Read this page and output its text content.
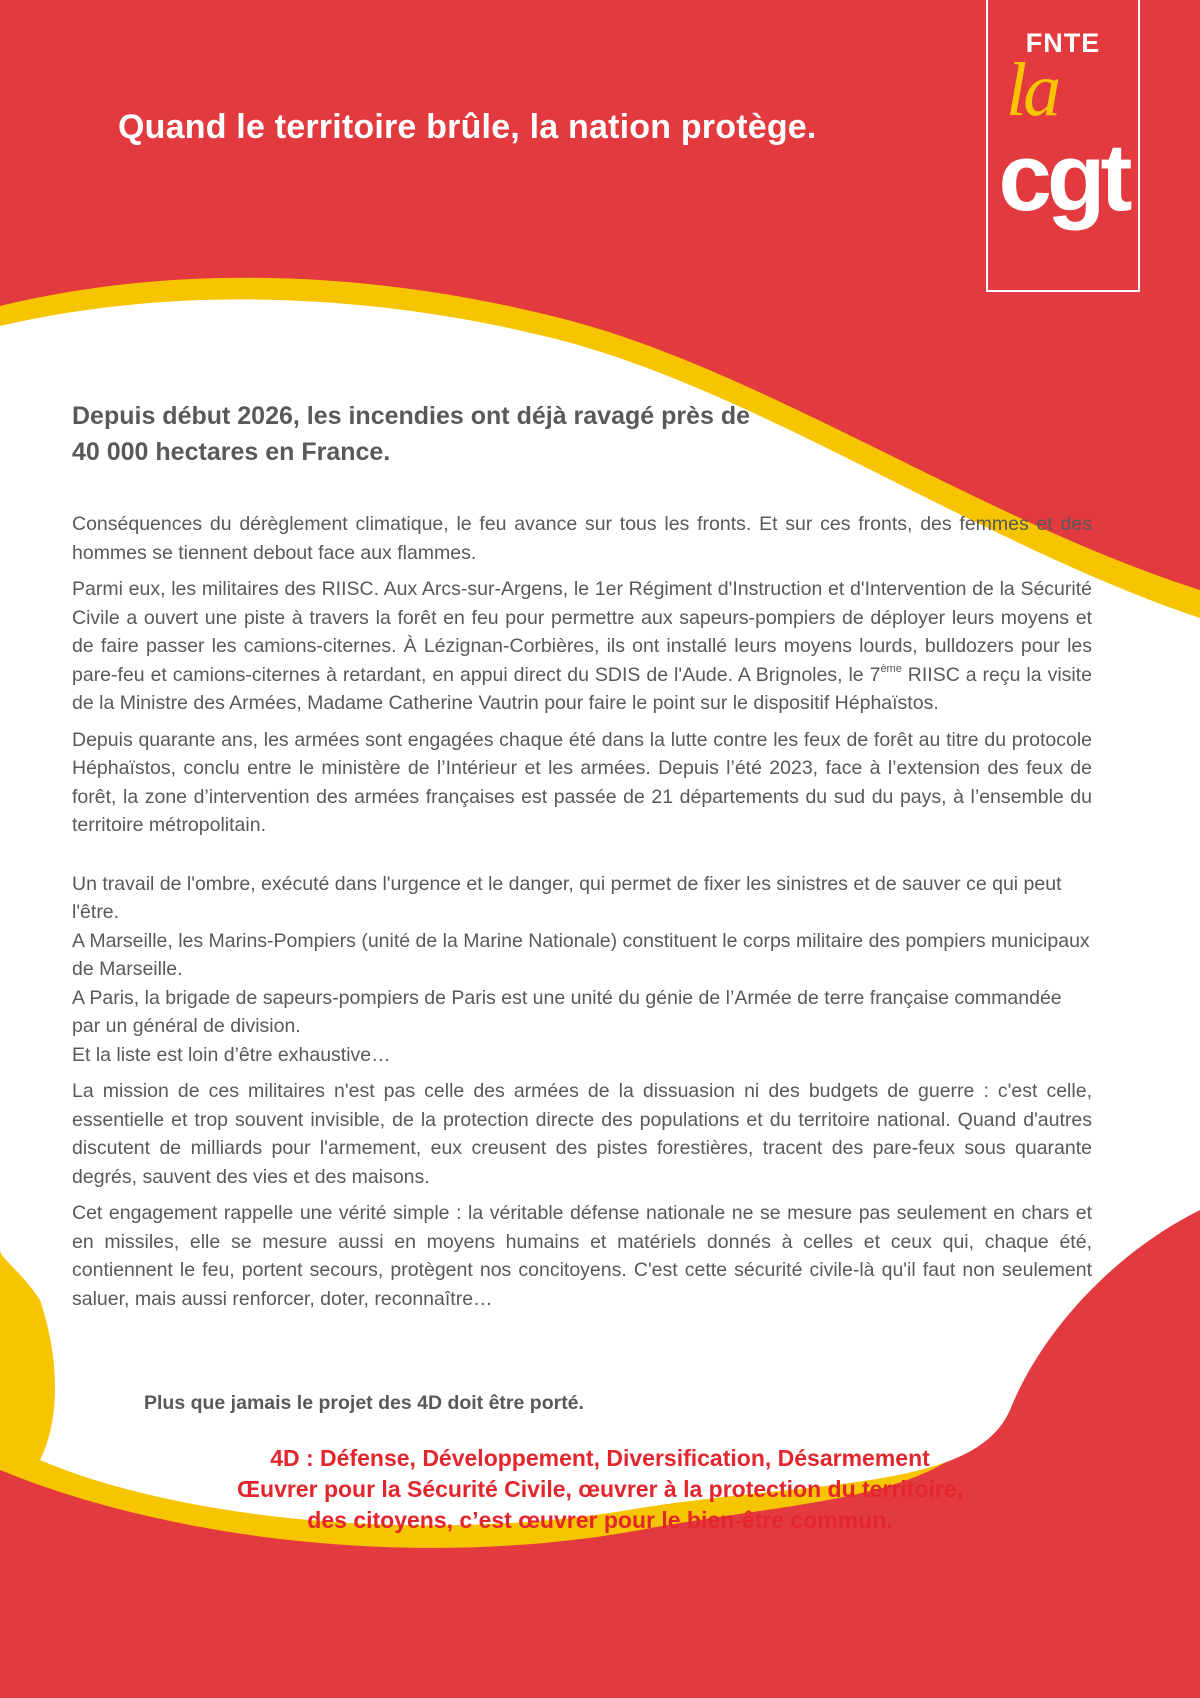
Quand le territoire brûle, la nation protège.
FNTE
la
cgt
Depuis début 2026, les incendies ont déjà ravagé près de
40 000 hectares en France.

Conséquences du dérèglement climatique, le feu avance sur tous les fronts. Et sur ces fronts, des femmes et des hommes se tiennent debout face aux flammes.

Parmi eux, les militaires des RIISC. Aux Arcs-sur-Argens, le 1er Régiment d'Instruction et d'Intervention de la Sécurité Civile a ouvert une piste à travers la forêt en feu pour permettre aux sapeurs-pompiers de déployer leurs moyens et de faire passer les camions-citernes. À Lézignan-Corbières, ils ont installé leurs moyens lourds, bulldozers pour les pare-feu et camions-citernes à retardant, en appui direct du SDIS de l'Aude. A Brignoles, le 7ème RIISC a reçu la visite de la Ministre des Armées, Madame Catherine Vautrin pour faire le point sur le dispositif Héphaïstos.

Depuis quarante ans, les armées sont engagées chaque été dans la lutte contre les feux de forêt au titre du protocole Héphaïstos, conclu entre le ministère de l’Intérieur et les armées. Depuis l’été 2023, face à l’extension des feux de forêt, la zone d’intervention des armées françaises est passée de 21 départements du sud du pays, à l’ensemble du territoire métropolitain.

Un travail de l'ombre, exécuté dans l'urgence et le danger, qui permet de fixer les sinistres et de sauver ce qui peut l'être.
A Marseille, les Marins-Pompiers (unité de la Marine Nationale) constituent le corps militaire des pompiers municipaux de Marseille.
A Paris, la brigade de sapeurs-pompiers de Paris est une unité du génie de l’Armée de terre française commandée par un général de division.
Et la liste est loin d’être exhaustive…

La mission de ces militaires n'est pas celle des armées de la dissuasion ni des budgets de guerre : c'est celle, essentielle et trop souvent invisible, de la protection directe des populations et du territoire national. Quand d'autres discutent de milliards pour l'armement, eux creusent des pistes forestières, tracent des pare-feux sous quarante degrés, sauvent des vies et des maisons.

Cet engagement rappelle une vérité simple : la véritable défense nationale ne se mesure pas seulement en chars et en missiles, elle se mesure aussi en moyens humains et matériels donnés à celles et ceux qui, chaque été, contiennent le feu, portent secours, protègent nos concitoyens. C'est cette sécurité civile-là qu'il faut non seulement saluer, mais aussi renforcer, doter, reconnaître…

Plus que jamais le projet des 4D doit être porté.

4D : Défense, Développement, Diversification, Désarmement
Œuvrer pour la Sécurité Civile, œuvrer à la protection du territoire,
des citoyens, c’est œuvrer pour le bien-être commun.
